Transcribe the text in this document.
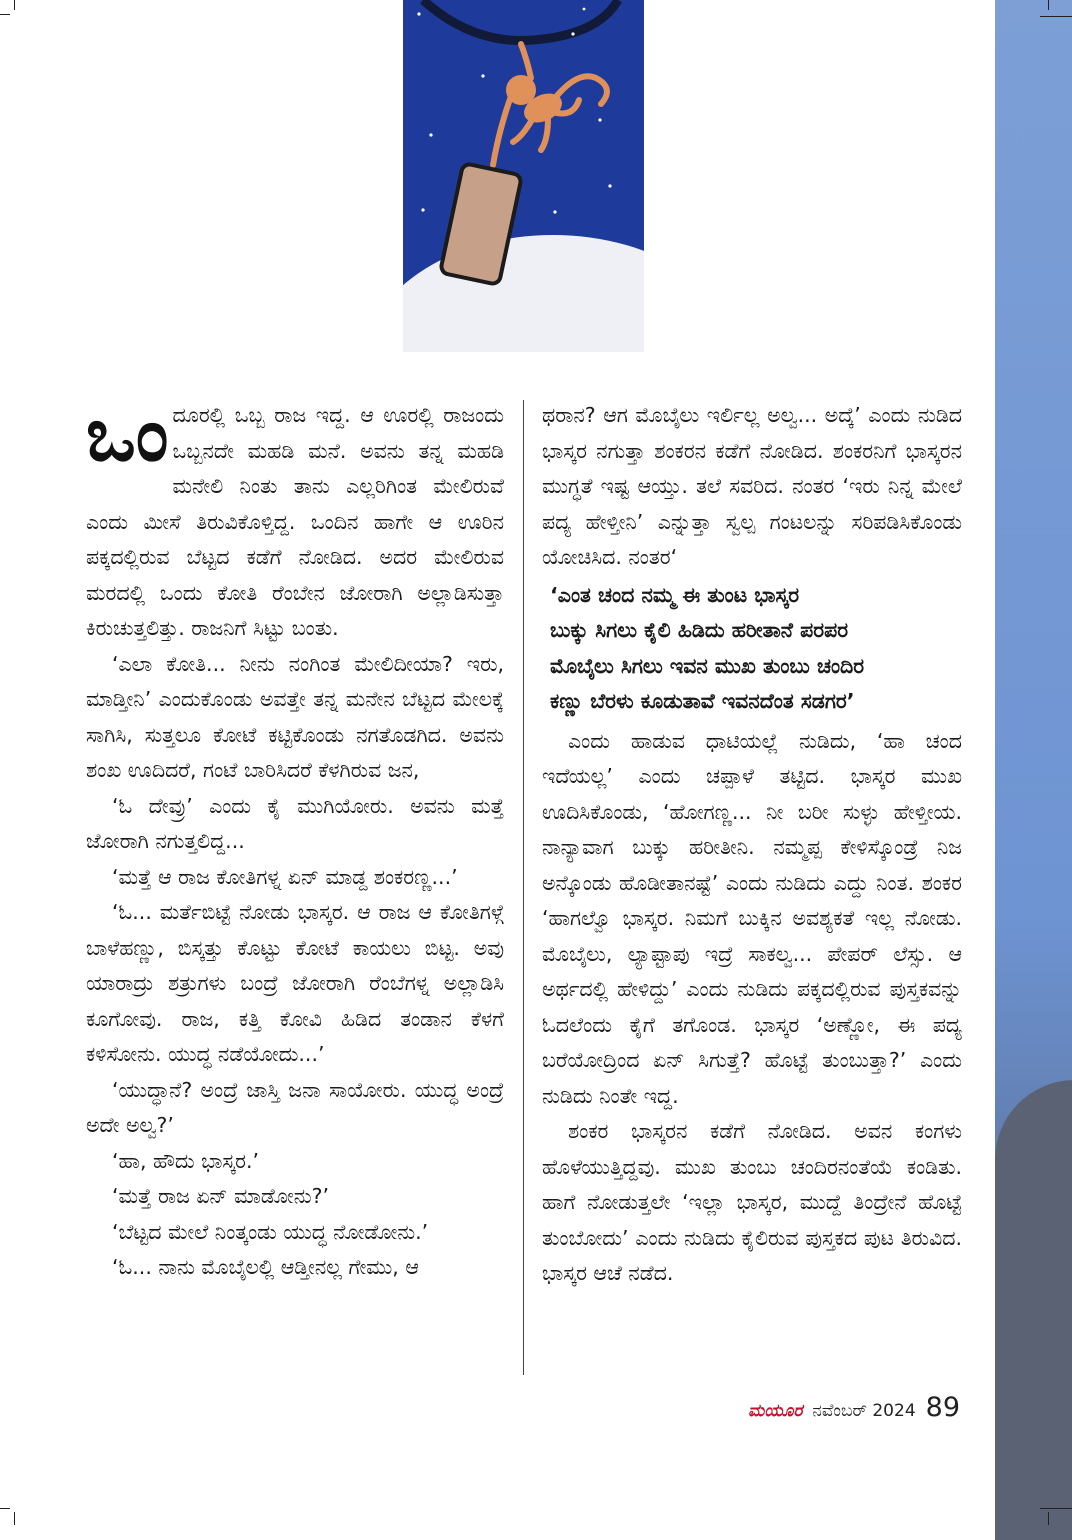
ಒಂ ದೂರಲ್ಲಿ ಒಬ್ಬ ರಾಜ ಇದ್ದ. ಆ ಊರಲ್ಲಿ ರಾಜಂದು ಒಬ್ಬನದೇ ಮಹಡಿ ಮನೆ. ಅವನು ತನ್ನ ಮಹಡಿ ಮನೇಲಿ ನಿಂತು ತಾನು ಎಲ್ಲರಿಗಿಂತ ಮೇಲಿರುವೆ ಎಂದು ಮೀಸೆ ತಿರುವಿಕೊಳ್ತಿದ್ದ. ಒಂದಿನ ಹಾಗೇ ಆ ಊರಿನ ಪಕ್ಕದಲ್ಲಿರುವ ಬೆಟ್ಟದ ಕಡೆಗೆ ನೋಡಿದ. ಅದರ ಮೇಲಿರುವ ಮರದಲ್ಲಿ ಒಂದು ಕೋತಿ ರೆಂಬೇನ ಜೋರಾಗಿ ಅಲ್ಲಾಡಿಸುತ್ತಾ ಕಿರುಚುತ್ತಲಿತ್ತು. ರಾಜನಿಗೆ ಸಿಟ್ಟು ಬಂತು.

‘ಎಲಾ ಕೋತಿ... ನೀನು ನಂಗಿಂತ ಮೇಲಿದೀಯಾ? ಇರು, ಮಾಡ್ತೀನಿ’ ಎಂದುಕೊಂಡು ಅವತ್ತೇ ತನ್ನ ಮನೇನ ಬೆಟ್ಟದ ಮೇಲಕ್ಕೆ ಸಾಗಿಸಿ, ಸುತ್ತಲೂ ಕೋಟೆ ಕಟ್ಟಿಕೊಂಡು ನಗತೊಡಗಿದ. ಅವನು ಶಂಖ ಊದಿದರೆ, ಗಂಟೆ ಬಾರಿಸಿದರೆ ಕೆಳಗಿರುವ ಜನ,

‘ಓ ದೇವ್ರು’ ಎಂದು ಕೈ ಮುಗಿಯೋರು. ಅವನು ಮತ್ತೆ ಜೋರಾಗಿ ನಗುತ್ತಲಿದ್ದ...

‘ಮತ್ತೆ ಆ ರಾಜ ಕೋತಿಗಳ್ನ ಏನ್ ಮಾಡ್ದ ಶಂಕರಣ್ಣ...’

‘ಓ... ಮರ್ತೆಬಿಟ್ಟೆ ನೋಡು ಭಾಸ್ಕರ. ಆ ರಾಜ ಆ ಕೋತಿಗಳ್ಗೆ ಬಾಳೆಹಣ್ಣು, ಬಿಸ್ಕತ್ತು ಕೊಟ್ಟು ಕೋಟೆ ಕಾಯಲು ಬಿಟ್ಟ. ಅವು ಯಾರಾದ್ರು ಶತ್ರುಗಳು ಬಂದ್ರೆ ಜೋರಾಗಿ ರೆಂಬೆಗಳ್ನ ಅಲ್ಲಾಡಿಸಿ ಕೂಗೋವು. ರಾಜ, ಕತ್ತಿ ಕೋವಿ ಹಿಡಿದ ತಂಡಾನ ಕೆಳಗೆ ಕಳಿಸೋನು. ಯುದ್ಧ ನಡೆಯೋದು...’

‘ಯುದ್ಧಾನೆ? ಅಂದ್ರೆ ಜಾಸ್ತಿ ಜನಾ ಸಾಯೋರು. ಯುದ್ಧ ಅಂದ್ರೆ ಅದೇ ಅಲ್ವ?’

‘ಹಾ, ಹೌದು ಭಾಸ್ಕರ.’

‘ಮತ್ತೆ ರಾಜ ಏನ್ ಮಾಡೋನು?’

‘ಬೆಟ್ಟದ ಮೇಲೆ ನಿಂತ್ಕಂಡು ಯುದ್ಧ ನೋಡೋನು.’

‘ಓ... ನಾನು ಮೊಬೈಲಲ್ಲಿ ಆಡ್ತೀನಲ್ಲ ಗೇಮು, ಆ

ಥರಾನ? ಆಗ ಮೊಬೈಲು ಇರ್ಲಿಲ್ಲ ಅಲ್ವ... ಅದ್ಕೆ’ ಎಂದು ನುಡಿದ ಭಾಸ್ಕರ ನಗುತ್ತಾ ಶಂಕರನ ಕಡೆಗೆ ನೋಡಿದ. ಶಂಕರನಿಗೆ ಭಾಸ್ಕರನ ಮುಗ್ಧತೆ ಇಷ್ಟ ಆಯ್ತು. ತಲೆ ಸವರಿದ. ನಂತರ ‘ಇರು ನಿನ್ನ ಮೇಲೆ ಪದ್ಯ ಹೇಳ್ತೀನಿ’ ಎನ್ನುತ್ತಾ ಸ್ವಲ್ಪ ಗಂಟಲನ್ನು ಸರಿಪಡಿಸಿಕೊಂಡು ಯೋಚಿಸಿದ. ನಂತರ‘

‘ಎಂತ ಚಂದ ನಮ್ಮ ಈ ತುಂಟ ಭಾಸ್ಕರ
ಬುಕ್ಕು ಸಿಗಲು ಕೈಲಿ ಹಿಡಿದು ಹರೀತಾನೆ ಪರಪರ
ಮೊಬೈಲು ಸಿಗಲು ಇವನ ಮುಖ ತುಂಬು ಚಂದಿರ
ಕಣ್ಣು ಬೆರಳು ಕೂಡುತಾವೆ ಇವನದೆಂತ ಸಡಗರ’

ಎಂದು ಹಾಡುವ ಧಾಟಿಯಲ್ಲೆ ನುಡಿದು, ‘ಹಾ ಚಂದ ಇದೆಯಲ್ಲ’ ಎಂದು ಚಪ್ಪಾಳೆ ತಟ್ಟಿದ. ಭಾಸ್ಕರ ಮುಖ ಊದಿಸಿಕೊಂಡು, ‘ಹೋಗಣ್ಣ... ನೀ ಬರೀ ಸುಳ್ಳು ಹೇಳ್ತೀಯ. ನಾನ್ಯಾವಾಗ ಬುಕ್ಕು ಹರೀತೀನಿ. ನಮ್ಮಪ್ಪ ಕೇಳಿಸ್ಕೊಂಡ್ರೆ ನಿಜ ಅನ್ಕೊಂಡು ಹೊಡೀತಾನಷ್ಟೆ’ ಎಂದು ನುಡಿದು ಎದ್ದು ನಿಂತ. ಶಂಕರ ‘ಹಾಗಲ್ವೊ ಭಾಸ್ಕರ. ನಿಮಗೆ ಬುಕ್ಕಿನ ಅವಶ್ಯಕತೆ ಇಲ್ಲ ನೋಡು. ಮೊಬೈಲು, ಲ್ಯಾಪ್ಟಾಪು ಇದ್ರೆ ಸಾಕಲ್ವ... ಪೇಪರ್ ಲೆಸ್ಸು. ಆ ಅರ್ಥದಲ್ಲಿ ಹೇಳಿದ್ದು’ ಎಂದು ನುಡಿದು ಪಕ್ಕದಲ್ಲಿರುವ ಪುಸ್ತಕವನ್ನು ಓದಲೆಂದು ಕೈಗೆ ತಗೊಂಡ. ಭಾಸ್ಕರ ‘ಅಣ್ಣೋ, ಈ ಪದ್ಯ ಬರೆಯೋದ್ರಿಂದ ಏನ್ ಸಿಗುತ್ತೆ? ಹೊಟ್ಟೆ ತುಂಬುತ್ತಾ?’ ಎಂದು ನುಡಿದು ನಿಂತೇ ಇದ್ದ.

ಶಂಕರ ಭಾಸ್ಕರನ ಕಡೆಗೆ ನೋಡಿದ. ಅವನ ಕಂಗಳು ಹೊಳೆಯುತ್ತಿದ್ದವು. ಮುಖ ತುಂಬು ಚಂದಿರನಂತೆಯೆ ಕಂಡಿತು. ಹಾಗೆ ನೋಡುತ್ತಲೇ ‘ಇಲ್ಲಾ ಭಾಸ್ಕರ, ಮುದ್ದೆ ತಿಂದ್ರೇನೆ ಹೊಟ್ಟೆ ತುಂಬೋದು’ ಎಂದು ನುಡಿದು ಕೈಲಿರುವ ಪುಸ್ತಕದ ಪುಟ ತಿರುವಿದ. ಭಾಸ್ಕರ ಆಚೆ ನಡೆದ.

ಮಯೂರ ನವೆಂಬರ್ 2024 89
